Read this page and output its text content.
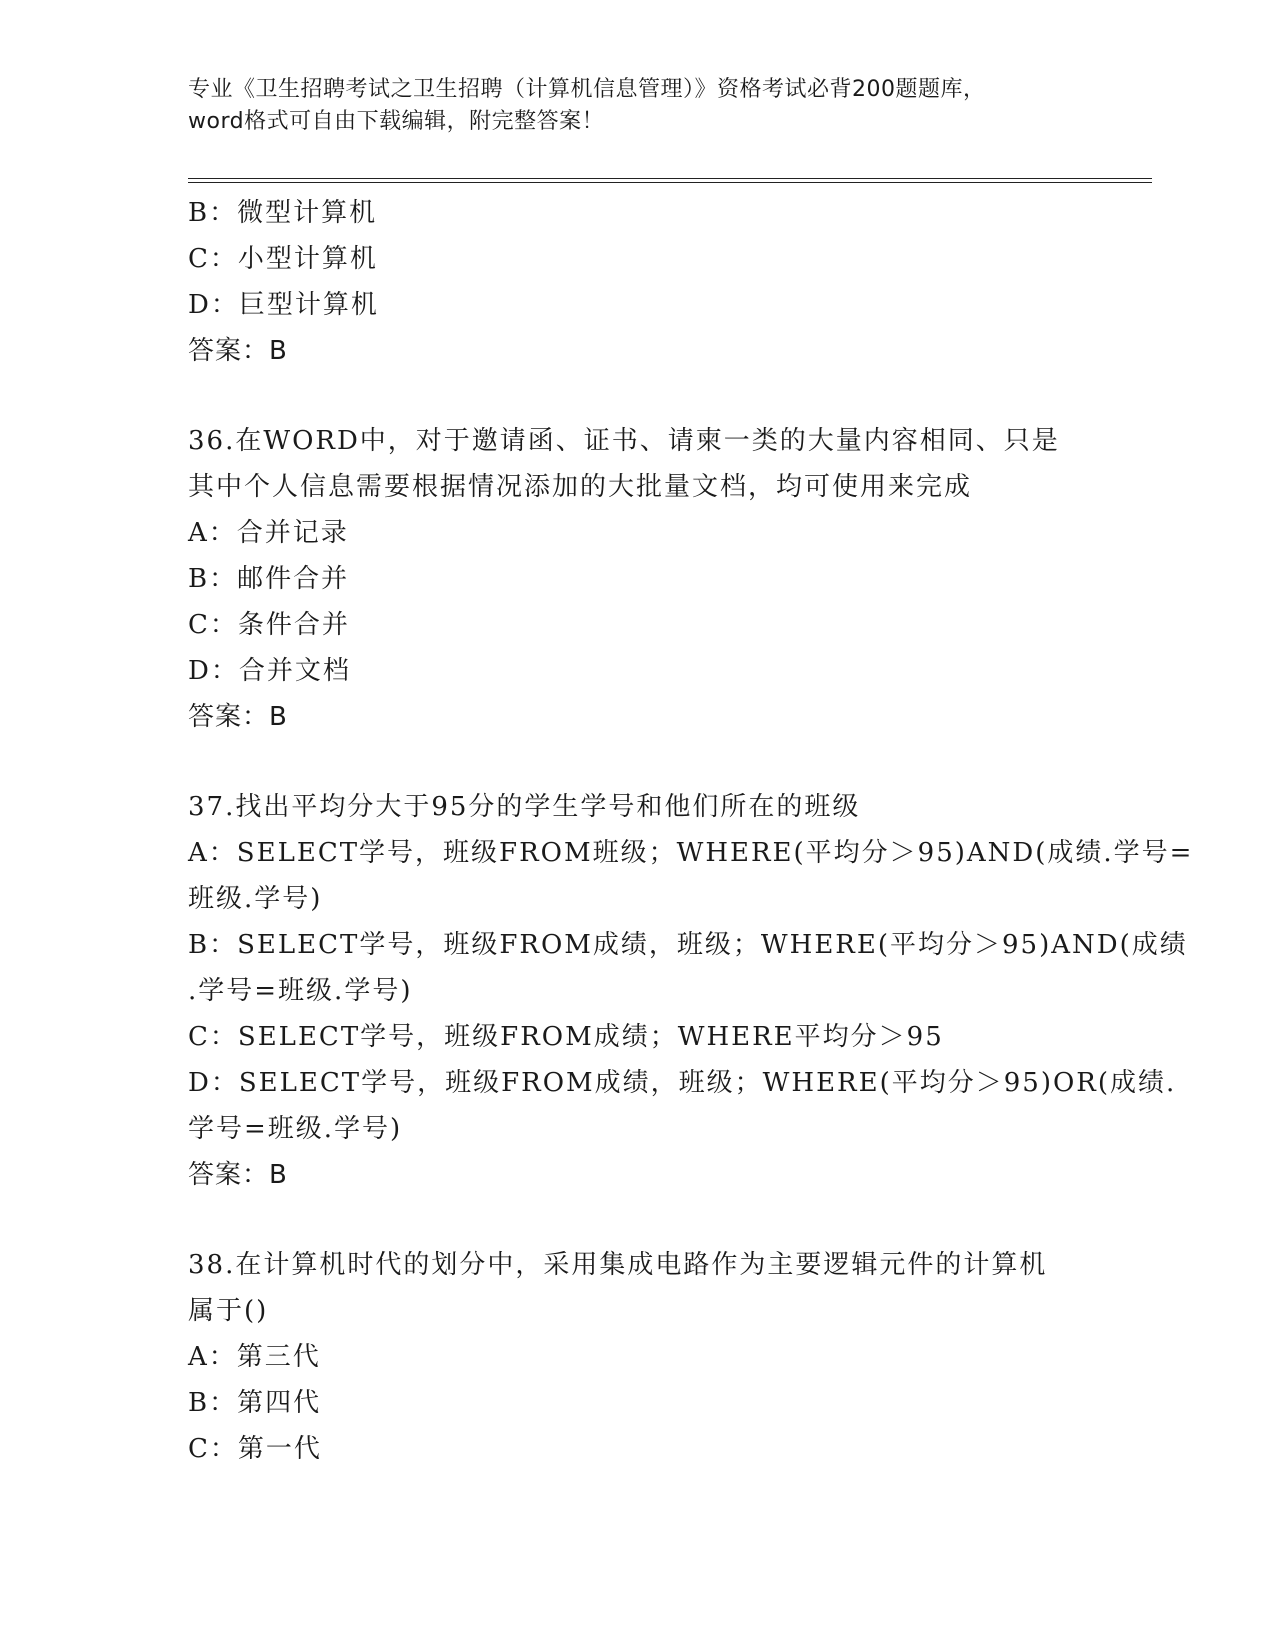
专业《卫生招聘考试之卫生招聘（计算机信息管理）》资格考试必背200题题库，
word格式可自由下载编辑，附完整答案！
B：微型计算机
C：小型计算机
D：巨型计算机
答案：B
36.在WORD中，对于邀请函、证书、请柬一类的大量内容相同、只是
其中个人信息需要根据情况添加的大批量文档，均可使用来完成
A：合并记录
B：邮件合并
C：条件合并
D：合并文档
答案：B
37.找出平均分大于95分的学生学号和他们所在的班级
A：SELECT学号，班级FROM班级；WHERE(平均分＞95)AND(成绩.学号=
班级.学号)
B：SELECT学号，班级FROM成绩，班级；WHERE(平均分＞95)AND(成绩
.学号=班级.学号)
C：SELECT学号，班级FROM成绩；WHERE平均分＞95
D：SELECT学号，班级FROM成绩，班级；WHERE(平均分＞95)OR(成绩.
学号=班级.学号)
答案：B
38.在计算机时代的划分中，采用集成电路作为主要逻辑元件的计算机
属于()
A：第三代
B：第四代
C：第一代
